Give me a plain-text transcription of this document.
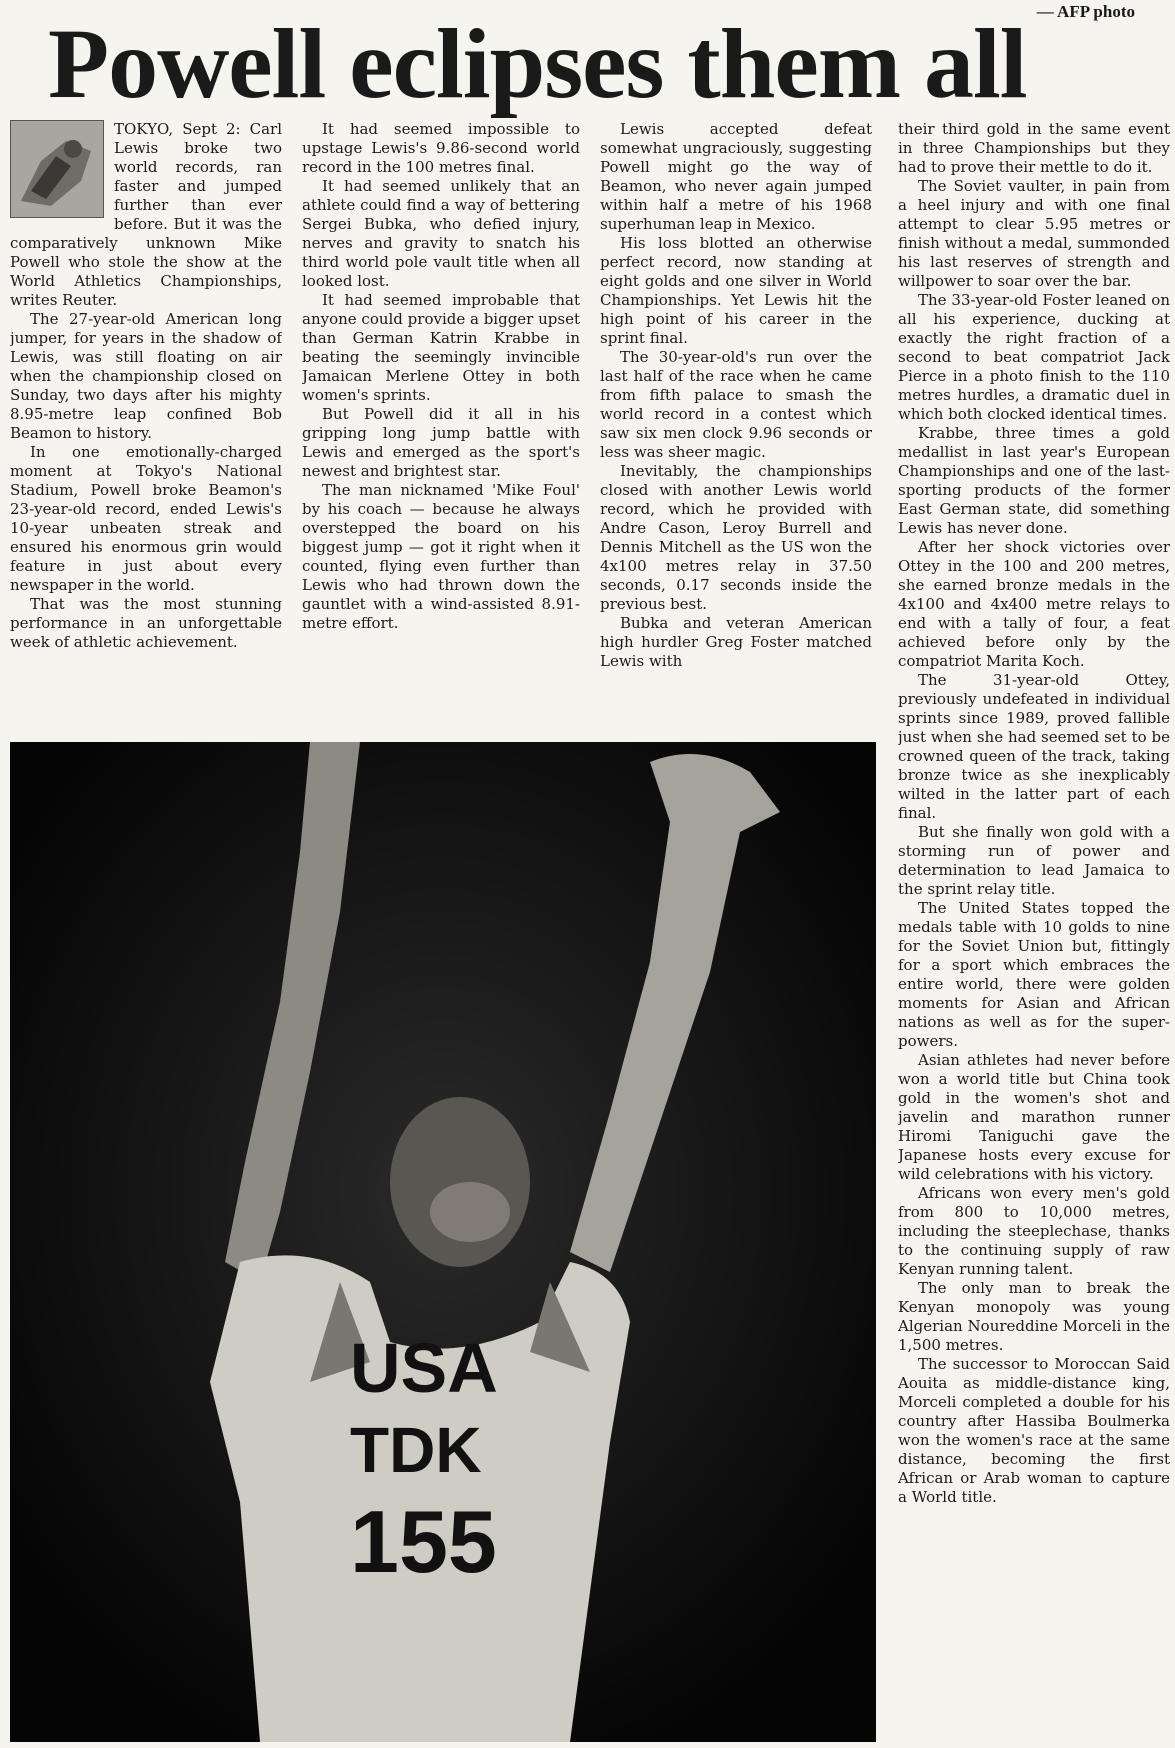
— AFP photo
Powell eclipses them all

TOKYO, Sept 2: Carl Lewis broke two world records, ran faster and jumped further than ever before. But it was the comparatively unknown Mike Powell who stole the show at the World Athletics Championships, writes Reuter.

The 27-year-old American long jumper, for years in the shadow of Lewis, was still floating on air when the championship closed on Sunday, two days after his mighty 8.95-metre leap confined Bob Beamon to history.

In one emotionally-charged moment at Tokyo's National Stadium, Powell broke Beamon's 23-year-old record, ended Lewis's 10-year unbeaten streak and ensured his enormous grin would feature in just about every newspaper in the world.

That was the most stunning performance in an unforgettable week of athletic achievement.

It had seemed impossible to upstage Lewis's 9.86-second world record in the 100 metres final.

It had seemed unlikely that an athlete could find a way of bettering Sergei Bubka, who defied injury, nerves and gravity to snatch his third world pole vault title when all looked lost.

It had seemed improbable that anyone could provide a bigger upset than German Katrin Krabbe in beating the seemingly invincible Jamaican Merlene Ottey in both women's sprints.

But Powell did it all in his gripping long jump battle with Lewis and emerged as the sport's newest and brightest star.

The man nicknamed 'Mike Foul' by his coach — because he always overstepped the board on his biggest jump — got it right when it counted, flying even further than Lewis who had thrown down the gauntlet with a wind-assisted 8.91-metre effort.

Lewis accepted defeat somewhat ungraciously, suggesting Powell might go the way of Beamon, who never again jumped within half a metre of his 1968 superhuman leap in Mexico.

His loss blotted an otherwise perfect record, now standing at eight golds and one silver in World Championships. Yet Lewis hit the high point of his career in the sprint final.

The 30-year-old's run over the last half of the race when he came from fifth palace to smash the world record in a contest which saw six men clock 9.96 seconds or less was sheer magic.

Inevitably, the championships closed with another Lewis world record, which he provided with Andre Cason, Leroy Burrell and Dennis Mitchell as the US won the 4x100 metres relay in 37.50 seconds, 0.17 seconds inside the previous best.

Bubka and veteran American high hurdler Greg Foster matched Lewis with

their third gold in the same event in three Championships but they had to prove their mettle to do it.

The Soviet vaulter, in pain from a heel injury and with one final attempt to clear 5.95 metres or finish without a medal, summonded his last reserves of strength and willpower to soar over the bar.

The 33-year-old Foster leaned on all his experience, ducking at exactly the right fraction of a second to beat compatriot Jack Pierce in a photo finish to the 110 metres hurdles, a dramatic duel in which both clocked identical times.

Krabbe, three times a gold medallist in last year's European Championships and one of the last-sporting products of the former East German state, did something Lewis has never done.

After her shock victories over Ottey in the 100 and 200 metres, she earned bronze medals in the 4x100 and 4x400 metre relays to end with a tally of four, a feat achieved before only by the compatriot Marita Koch.

The 31-year-old Ottey, previously undefeated in individual sprints since 1989, proved fallible just when she had seemed set to be crowned queen of the track, taking bronze twice as she inexplicably wilted in the latter part of each final.

But she finally won gold with a storming run of power and determination to lead Jamaica to the sprint relay title.

The United States topped the medals table with 10 golds to nine for the Soviet Union but, fittingly for a sport which embraces the entire world, there were golden moments for Asian and African nations as well as for the super-powers.

Asian athletes had never before won a world title but China took gold in the women's shot and javelin and marathon runner Hiromi Taniguchi gave the Japanese hosts every excuse for wild celebrations with his victory.

Africans won every men's gold from 800 to 10,000 metres, including the steeplechase, thanks to the continuing supply of raw Kenyan running talent.

The only man to break the Kenyan monopoly was young Algerian Noureddine Morceli in the 1,500 metres.

The successor to Moroccan Said Aouita as middle-distance king, Morceli completed a double for his country after Hassiba Boulmerka won the women's race at the same distance, becoming the first African or Arab woman to capture a World title.

USA
TDK
155
